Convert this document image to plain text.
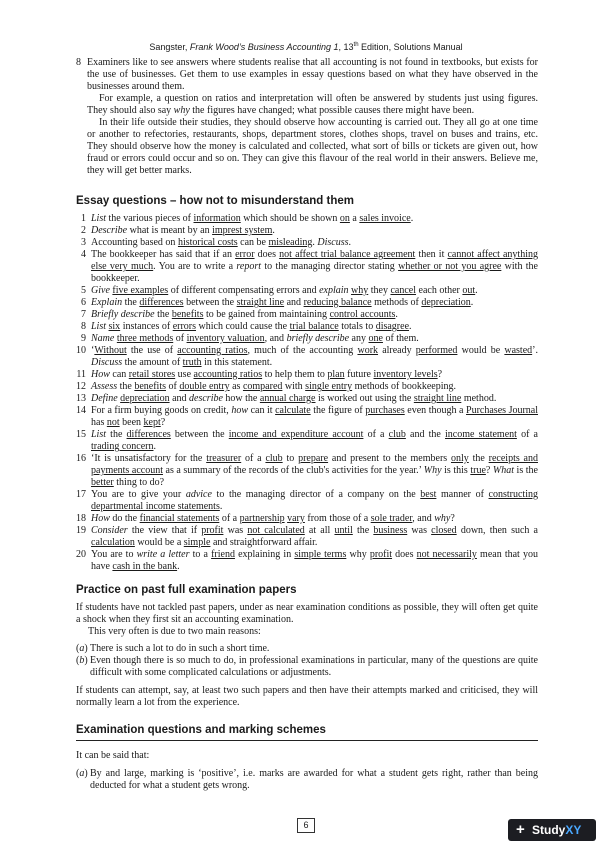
Sangster, Frank Wood’s Business Accounting 1, 13th Edition, Solutions Manual
8 Examiners like to see answers where students realise that all accounting is not found in textbooks, but exists for the use of businesses. Get them to use examples in essay questions based on what they have observed in the businesses around them.

For example, a question on ratios and interpretation will often be answered by students just using figures. They should also say why the figures have changed; what possible causes there might have been.

In their life outside their studies, they should observe how accounting is carried out. They all go at one time or another to refectories, restaurants, shops, department stores, clothes shops, travel on buses and trains, etc. They should observe how the money is calculated and collected, what sort of bills or tickets are given out, how fraud or errors could occur and so on. They can give this flavour of the real world in their answers. Believe me, they will get better marks.

Essay questions – how not to misunderstand them
1 List the various pieces of information which should be shown on a sales invoice.
2 Describe what is meant by an imprest system.
3 Accounting based on historical costs can be misleading. Discuss.
4 The bookkeeper has said that if an error does not affect trial balance agreement then it cannot affect anything else very much. You are to write a report to the managing director stating whether or not you agree with the bookkeeper.
5 Give five examples of different compensating errors and explain why they cancel each other out.
6 Explain the differences between the straight line and reducing balance methods of depreciation.
7 Briefly describe the benefits to be gained from maintaining control accounts.
8 List six instances of errors which could cause the trial balance totals to disagree.
9 Name three methods of inventory valuation, and briefly describe any one of them.
10 ‘Without the use of accounting ratios, much of the accounting work already performed would be wasted’. Discuss the amount of truth in this statement.
11 How can retail stores use accounting ratios to help them to plan future inventory levels?
12 Assess the benefits of double entry as compared with single entry methods of bookkeeping.
13 Define depreciation and describe how the annual charge is worked out using the straight line method.
14 For a firm buying goods on credit, how can it calculate the figure of purchases even though a Purchases Journal has not been kept?
15 List the differences between the income and expenditure account of a club and the income statement of a trading concern.
16 ‘It is unsatisfactory for the treasurer of a club to prepare and present to the members only the receipts and payments account as a summary of the records of the club's activities for the year.’ Why is this true? What is the better thing to do?
17 You are to give your advice to the managing director of a company on the best manner of constructing departmental income statements.
18 How do the financial statements of a partnership vary from those of a sole trader, and why?
19 Consider the view that if profit was not calculated at all until the business was closed down, then such a calculation would be a simple and straightforward affair.
20 You are to write a letter to a friend explaining in simple terms why profit does not necessarily mean that you have cash in the bank.
Practice on past full examination papers

If students have not tackled past papers, under as near examination conditions as possible, they will often get quite a shock when they first sit an accounting examination.

This very often is due to two main reasons:

(a) There is such a lot to do in such a short time.
(b) Even though there is so much to do, in professional examinations in particular, many of the questions are quite difficult with some complicated calculations or adjustments.

If students can attempt, say, at least two such papers and then have their attempts marked and criticised, they will normally learn a lot from the experience.

Examination questions and marking schemes

It can be said that:

(a) By and large, marking is ‘positive’, i.e. marks are awarded for what a student gets right, rather than being deducted for what a student gets wrong.
6	+ StudyXY
